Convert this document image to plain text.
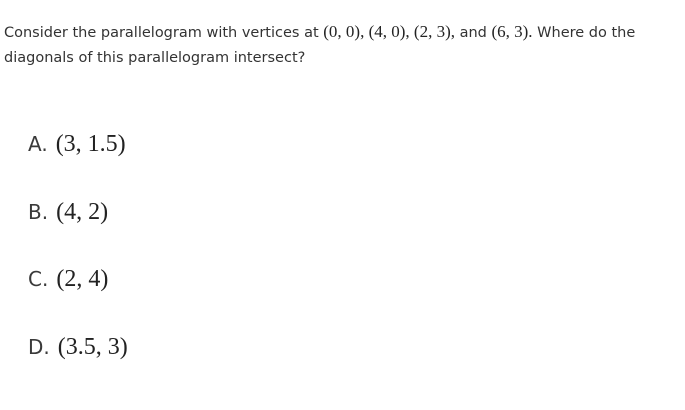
Consider the parallelogram with vertices at (0, 0), (4, 0), (2, 3), and (6, 3). Where do the diagonals of this parallelogram intersect?

A. (3, 1.5)
B. (4, 2)
C. (2, 4)
D. (3.5, 3)
